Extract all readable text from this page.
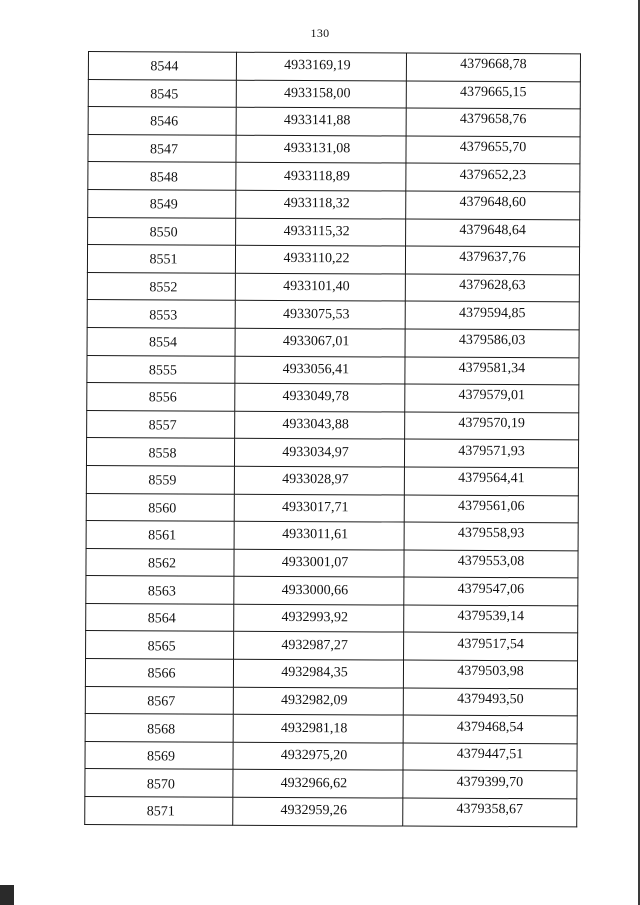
130
8544	4933169,19	4379668,78
8545	4933158,00	4379665,15
8546	4933141,88	4379658,76
8547	4933131,08	4379655,70
8548	4933118,89	4379652,23
8549	4933118,32	4379648,60
8550	4933115,32	4379648,64
8551	4933110,22	4379637,76
8552	4933101,40	4379628,63
8553	4933075,53	4379594,85
8554	4933067,01	4379586,03
8555	4933056,41	4379581,34
8556	4933049,78	4379579,01
8557	4933043,88	4379570,19
8558	4933034,97	4379571,93
8559	4933028,97	4379564,41
8560	4933017,71	4379561,06
8561	4933011,61	4379558,93
8562	4933001,07	4379553,08
8563	4933000,66	4379547,06
8564	4932993,92	4379539,14
8565	4932987,27	4379517,54
8566	4932984,35	4379503,98
8567	4932982,09	4379493,50
8568	4932981,18	4379468,54
8569	4932975,20	4379447,51
8570	4932966,62	4379399,70
8571	4932959,26	4379358,67
